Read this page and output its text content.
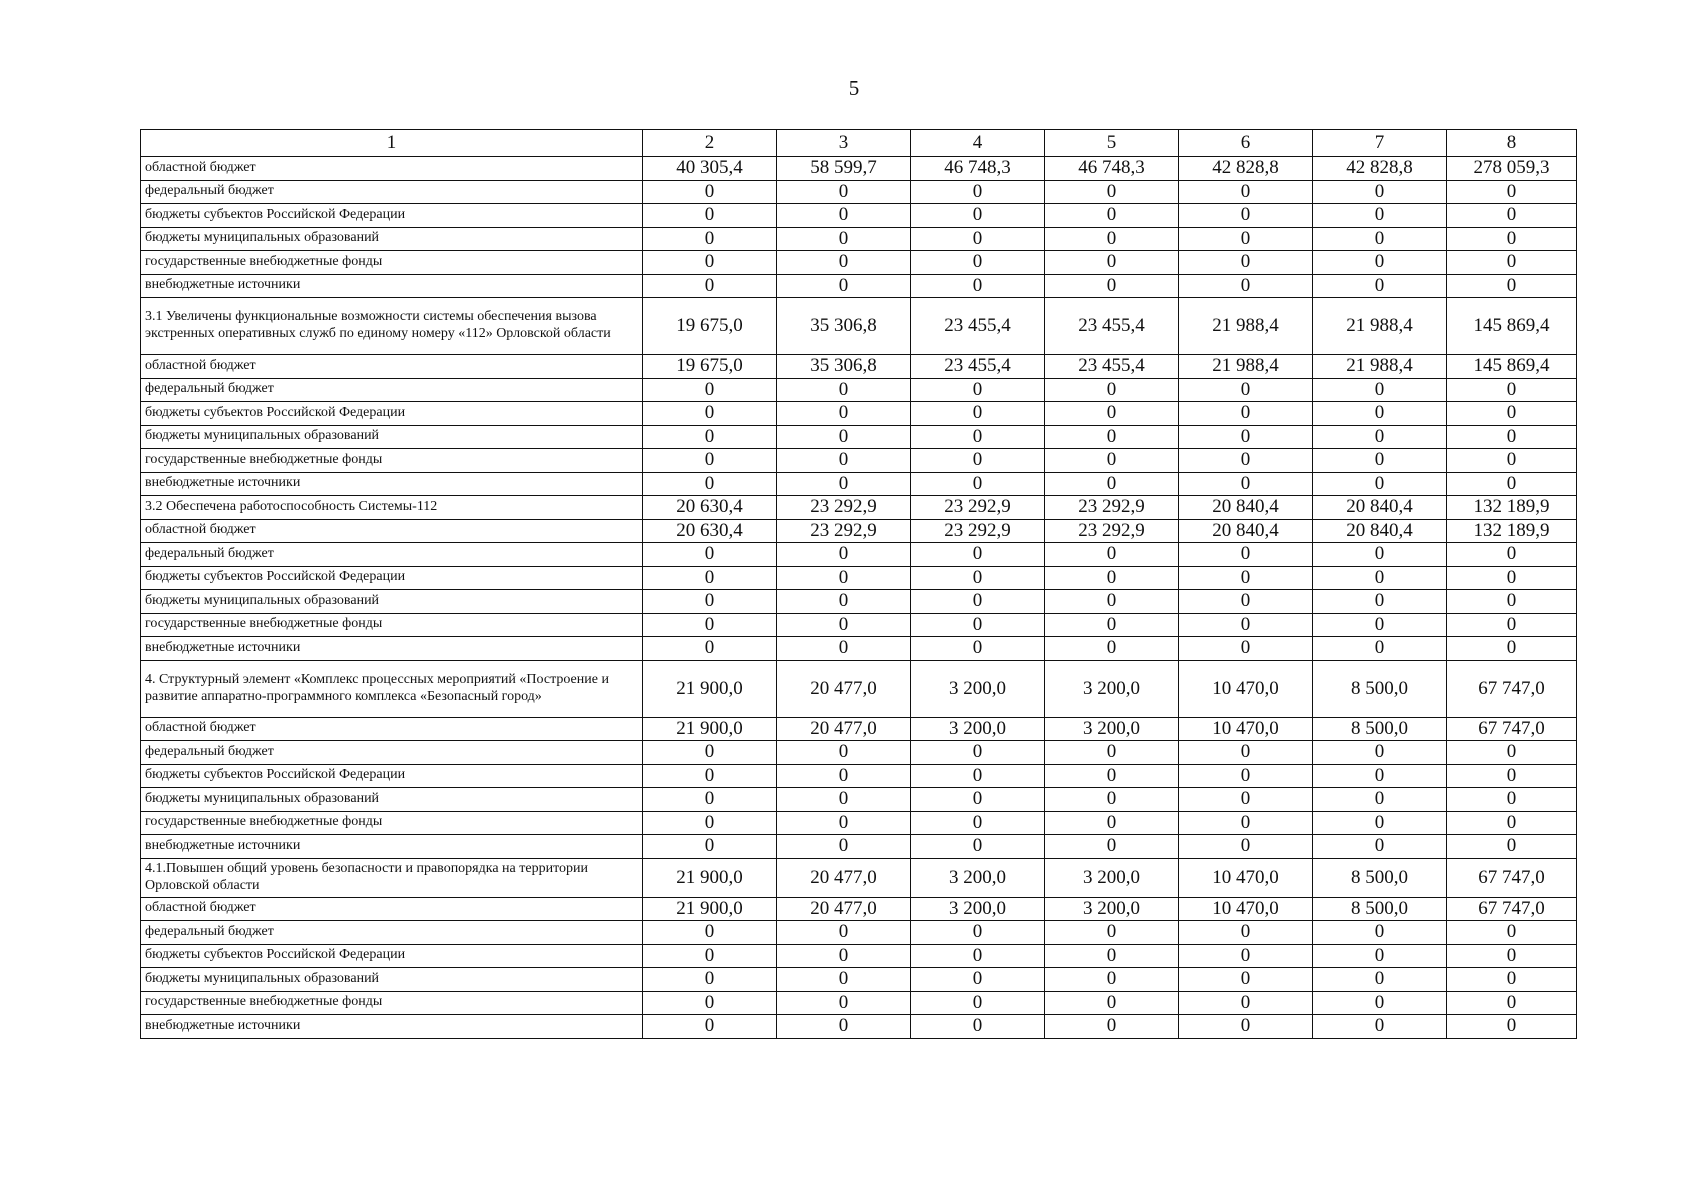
5
1	2	3	4	5	6	7	8
областной бюджет	40 305,4	58 599,7	46 748,3	46 748,3	42 828,8	42 828,8	278 059,3
федеральный бюджет	0	0	0	0	0	0	0
бюджеты субъектов Российской Федерации	0	0	0	0	0	0	0
бюджеты муниципальных образований	0	0	0	0	0	0	0
государственные внебюджетные фонды	0	0	0	0	0	0	0
внебюджетные источники	0	0	0	0	0	0	0
3.1 Увеличены функциональные возможности системы обеспечения вызова экстренных оперативных служб по единому номеру «112» Орловской области	19 675,0	35 306,8	23 455,4	23 455,4	21 988,4	21 988,4	145 869,4
областной бюджет	19 675,0	35 306,8	23 455,4	23 455,4	21 988,4	21 988,4	145 869,4
федеральный бюджет	0	0	0	0	0	0	0
бюджеты субъектов Российской Федерации	0	0	0	0	0	0	0
бюджеты муниципальных образований	0	0	0	0	0	0	0
государственные внебюджетные фонды	0	0	0	0	0	0	0
внебюджетные источники	0	0	0	0	0	0	0
3.2 Обеспечена работоспособность Системы-112	20 630,4	23 292,9	23 292,9	23 292,9	20 840,4	20 840,4	132 189,9
областной бюджет	20 630,4	23 292,9	23 292,9	23 292,9	20 840,4	20 840,4	132 189,9
федеральный бюджет	0	0	0	0	0	0	0
бюджеты субъектов Российской Федерации	0	0	0	0	0	0	0
бюджеты муниципальных образований	0	0	0	0	0	0	0
государственные внебюджетные фонды	0	0	0	0	0	0	0
внебюджетные источники	0	0	0	0	0	0	0
4. Структурный элемент «Комплекс процессных мероприятий «Построение и развитие аппаратно-программного комплекса «Безопасный город»	21 900,0	20 477,0	3 200,0	3 200,0	10 470,0	8 500,0	67 747,0
областной бюджет	21 900,0	20 477,0	3 200,0	3 200,0	10 470,0	8 500,0	67 747,0
федеральный бюджет	0	0	0	0	0	0	0
бюджеты субъектов Российской Федерации	0	0	0	0	0	0	0
бюджеты муниципальных образований	0	0	0	0	0	0	0
государственные внебюджетные фонды	0	0	0	0	0	0	0
внебюджетные источники	0	0	0	0	0	0	0
4.1.Повышен общий уровень безопасности и правопорядка на территории Орловской области	21 900,0	20 477,0	3 200,0	3 200,0	10 470,0	8 500,0	67 747,0
областной бюджет	21 900,0	20 477,0	3 200,0	3 200,0	10 470,0	8 500,0	67 747,0
федеральный бюджет	0	0	0	0	0	0	0
бюджеты субъектов Российской Федерации	0	0	0	0	0	0	0
бюджеты муниципальных образований	0	0	0	0	0	0	0
государственные внебюджетные фонды	0	0	0	0	0	0	0
внебюджетные источники	0	0	0	0	0	0	0
